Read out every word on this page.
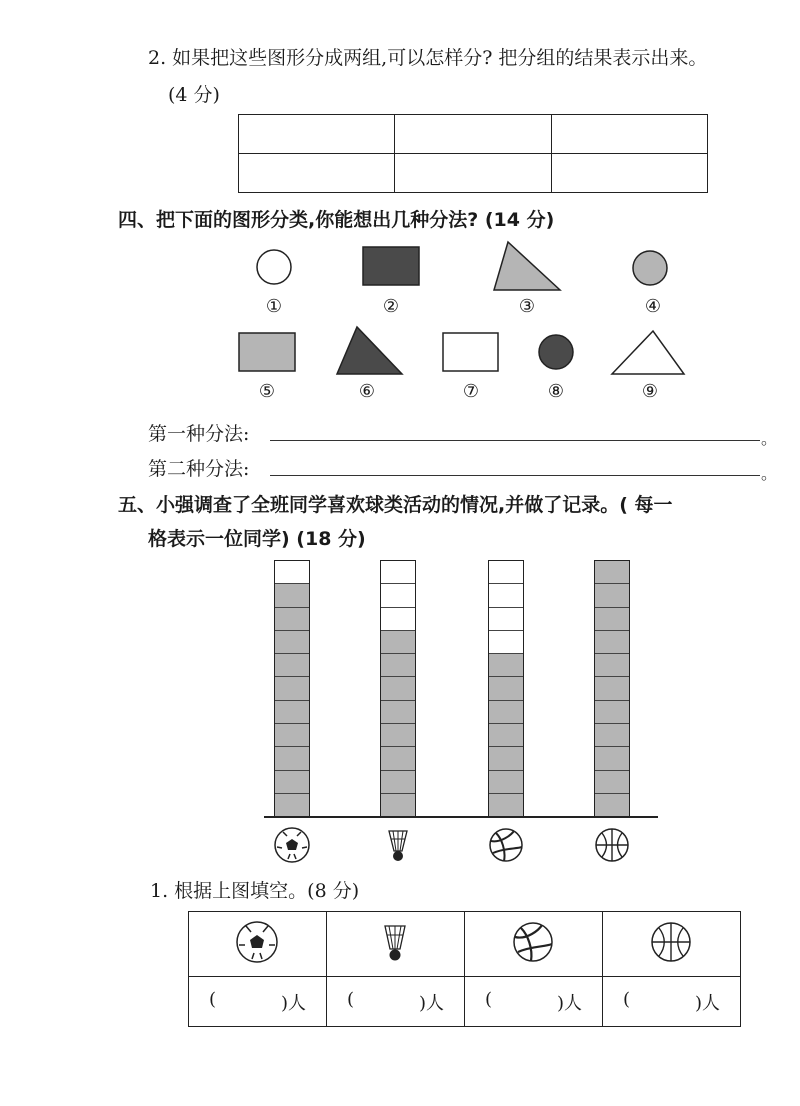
2. 如果把这些图形分成两组,可以怎样分? 把分组的结果表示出来。
(4 分)

四、把下面的图形分类,你能想出几种分法? (14 分)
①	②	③	④
⑤	⑥	⑦	⑧	⑨
第一种分法:	。
第二种分法:	。
五、小强调查了全班同学喜欢球类活动的情况,并做了记录。( 每一
格表示一位同学) (18 分)
1. 根据上图填空。(8 分)

( )人	( )人	( )人	( )人
